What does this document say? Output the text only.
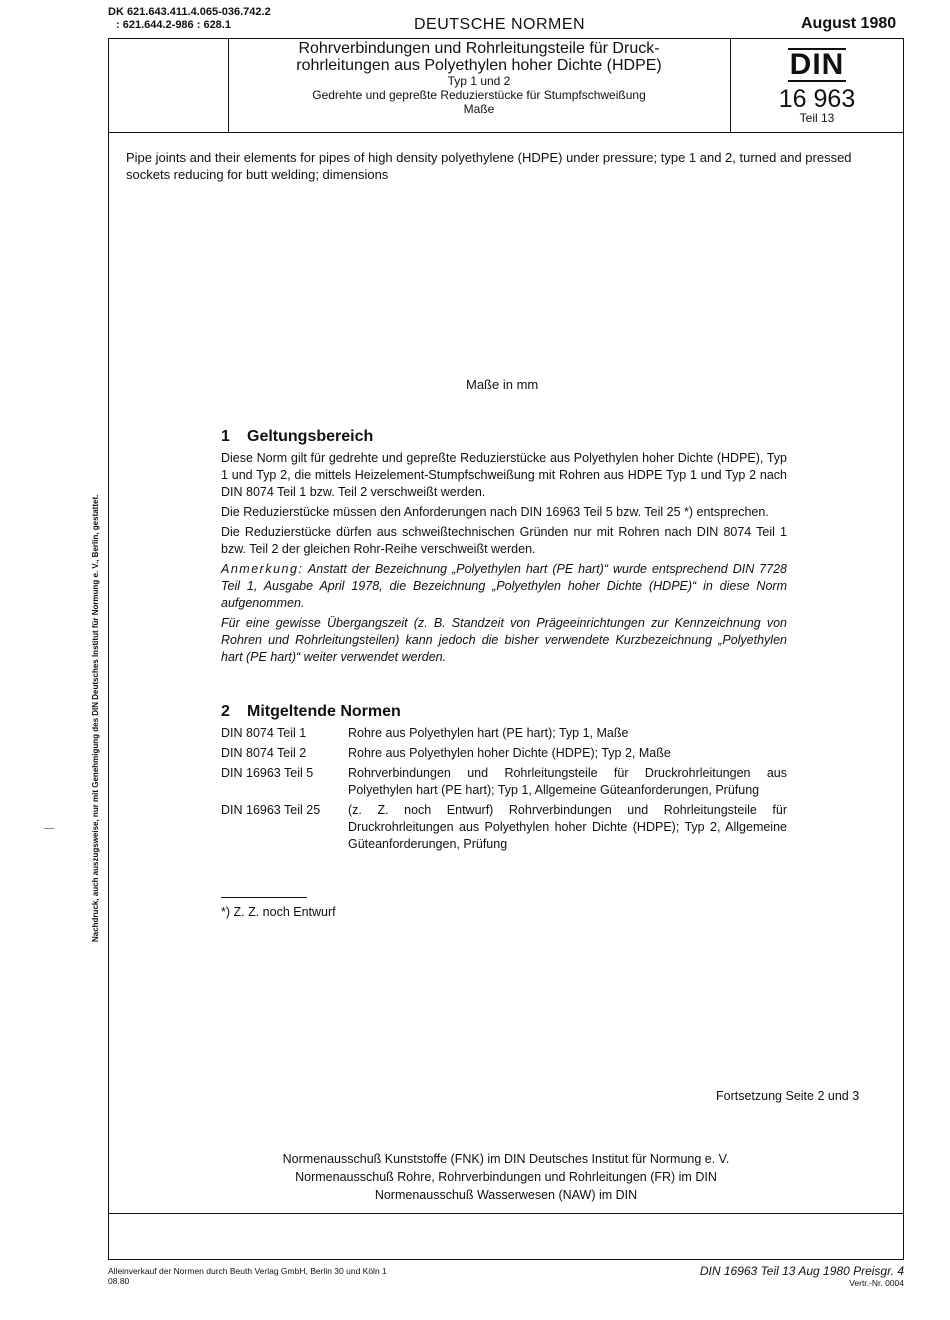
DK 621.643.411.4.065-036.742.2
: 621.644.2-986 : 628.1	DEUTSCHE NORMEN	August 1980
Rohrverbindungen und Rohrleitungsteile für Druck-
rohrleitungen aus Polyethylen hoher Dichte (HDPE)
Typ 1 und 2
Gedrehte und gepreßte Reduzierstücke für Stumpfschweißung
Maße
DIN
16 963
Teil 13
Pipe joints and their elements for pipes of high density polyethylene (HDPE) under pressure; type 1 and 2, turned and pressed sockets reducing for butt welding; dimensions
Maße in mm
1 Geltungsbereich

Diese Norm gilt für gedrehte und gepreßte Reduzierstücke aus Polyethylen hoher Dichte (HDPE), Typ 1 und Typ 2, die mittels Heizelement-Stumpfschweißung mit Rohren aus HDPE Typ 1 und Typ 2 nach DIN 8074 Teil 1 bzw. Teil 2 verschweißt werden.

Die Reduzierstücke müssen den Anforderungen nach DIN 16963 Teil 5 bzw. Teil 25 *) entsprechen.

Die Reduzierstücke dürfen aus schweißtechnischen Gründen nur mit Rohren nach DIN 8074 Teil 1 bzw. Teil 2 der gleichen Rohr-Reihe verschweißt werden.

Anmerkung: Anstatt der Bezeichnung „Polyethylen hart (PE hart)“ wurde entsprechend DIN 7728 Teil 1, Ausgabe April 1978, die Bezeichnung „Polyethylen hoher Dichte (HDPE)“ in diese Norm aufgenommen.

Für eine gewisse Übergangszeit (z. B. Standzeit von Prägeeinrichtungen zur Kennzeichnung von Rohren und Rohrleitungsteilen) kann jedoch die bisher verwendete Kurzbezeichnung „Polyethylen hart (PE hart)“ weiter verwendet werden.

2 Mitgeltende Normen
DIN 8074 Teil 1	Rohre aus Polyethylen hart (PE hart); Typ 1, Maße
DIN 8074 Teil 2	Rohre aus Polyethylen hoher Dichte (HDPE); Typ 2, Maße
DIN 16963 Teil 5	Rohrverbindungen und Rohrleitungsteile für Druckrohrleitungen aus Polyethylen hart (PE hart); Typ 1, Allgemeine Güteanforderungen, Prüfung
DIN 16963 Teil 25	(z. Z. noch Entwurf) Rohrverbindungen und Rohrleitungsteile für Druckrohrleitungen aus Polyethylen hoher Dichte (HDPE); Typ 2, Allgemeine Güteanforderungen, Prüfung
*) Z. Z. noch Entwurf
Fortsetzung Seite 2 und 3
Normenausschuß Kunststoffe (FNK) im DIN Deutsches Institut für Normung e. V.
Normenausschuß Rohre, Rohrverbindungen und Rohrleitungen (FR) im DIN
Normenausschuß Wasserwesen (NAW) im DIN
Nachdruck, auch auszugsweise, nur mit Genehmigung des DIN Deutsches Institut für Normung e. V., Berlin, gestattet.
Alleinverkauf der Normen durch Beuth Verlag GmbH, Berlin 30 und Köln 1
08.80
DIN 16963 Teil 13 Aug 1980 Preisgr. 4
Vertr.-Nr. 0004
